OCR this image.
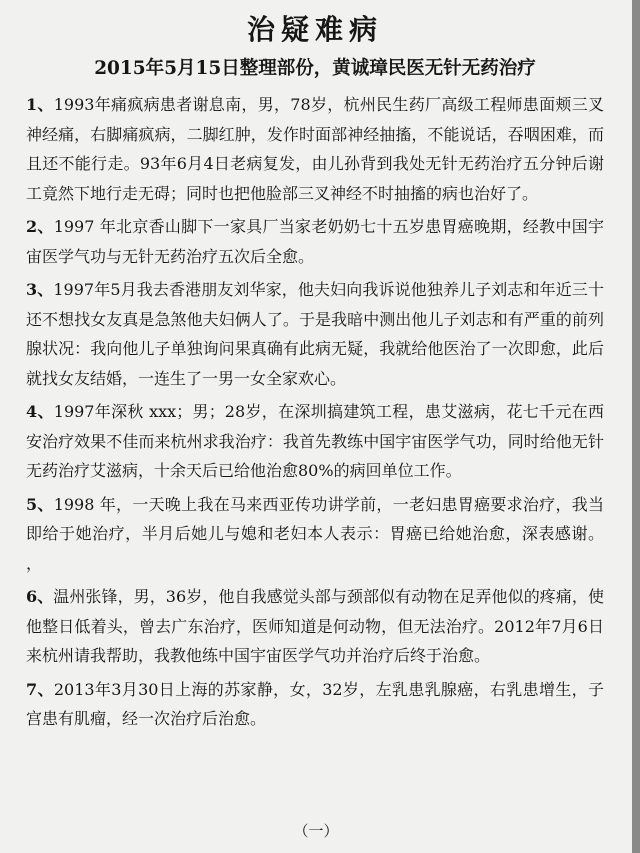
治疑难病
2015年5月15日整理部份，黄诚璋民医无针无药治疗

1、1993年痛疯病患者谢息南，男，78岁，杭州民生药厂高级工程师患面颊三叉神经痛，右脚痛疯病，二脚红肿，发作时面部神经抽搐，不能说话，吞咽困难，而且还不能行走。93年6月4日老病复发，由儿孙背到我处无针无药治疗五分钟后谢工竟然下地行走无碍；同时也把他脸部三叉神经不时抽搐的病也治好了。

2、1997 年北京香山脚下一家具厂当家老奶奶七十五岁患胃癌晚期，经教中国宇宙医学气功与无针无药治疗五次后全愈。

3、1997年5月我去香港朋友刘华家，他夫妇向我诉说他独养儿子刘志和年近三十还不想找女友真是急煞他夫妇俩人了。于是我暗中测出他儿子刘志和有严重的前列腺状况：我向他儿子单独询问果真确有此病无疑，我就给他医治了一次即愈，此后就找女友结婚，一连生了一男一女全家欢心。

4、1997年深秋 xxx；男；28岁，在深圳搞建筑工程，患艾滋病，花七千元在西安治疗效果不佳而来杭州求我治疗：我首先教练中国宇宙医学气功，同时给他无针无药治疗艾滋病，十余天后已给他治愈80%的病回单位工作。

5、1998 年，一天晚上我在马来西亚传功讲学前，一老妇患胃癌要求治疗，我当即给于她治疗，半月后她儿与媳和老妇本人表示：胃癌已给她治愈，深表感谢。 ，

6、温州张锋，男，36岁，他自我感觉头部与颈部似有动物在足弄他似的疼痛，使他整日低着头，曾去广东治疗，医师知道是何动物，但无法治疗。2012年7月6日来杭州请我帮助，我教他练中国宇宙医学气功并治疗后终于治愈。

7、2013年3月30日上海的苏家静，女，32岁，左乳患乳腺癌，右乳患增生，子宫患有肌瘤，经一次治疗后治愈。

（一）
